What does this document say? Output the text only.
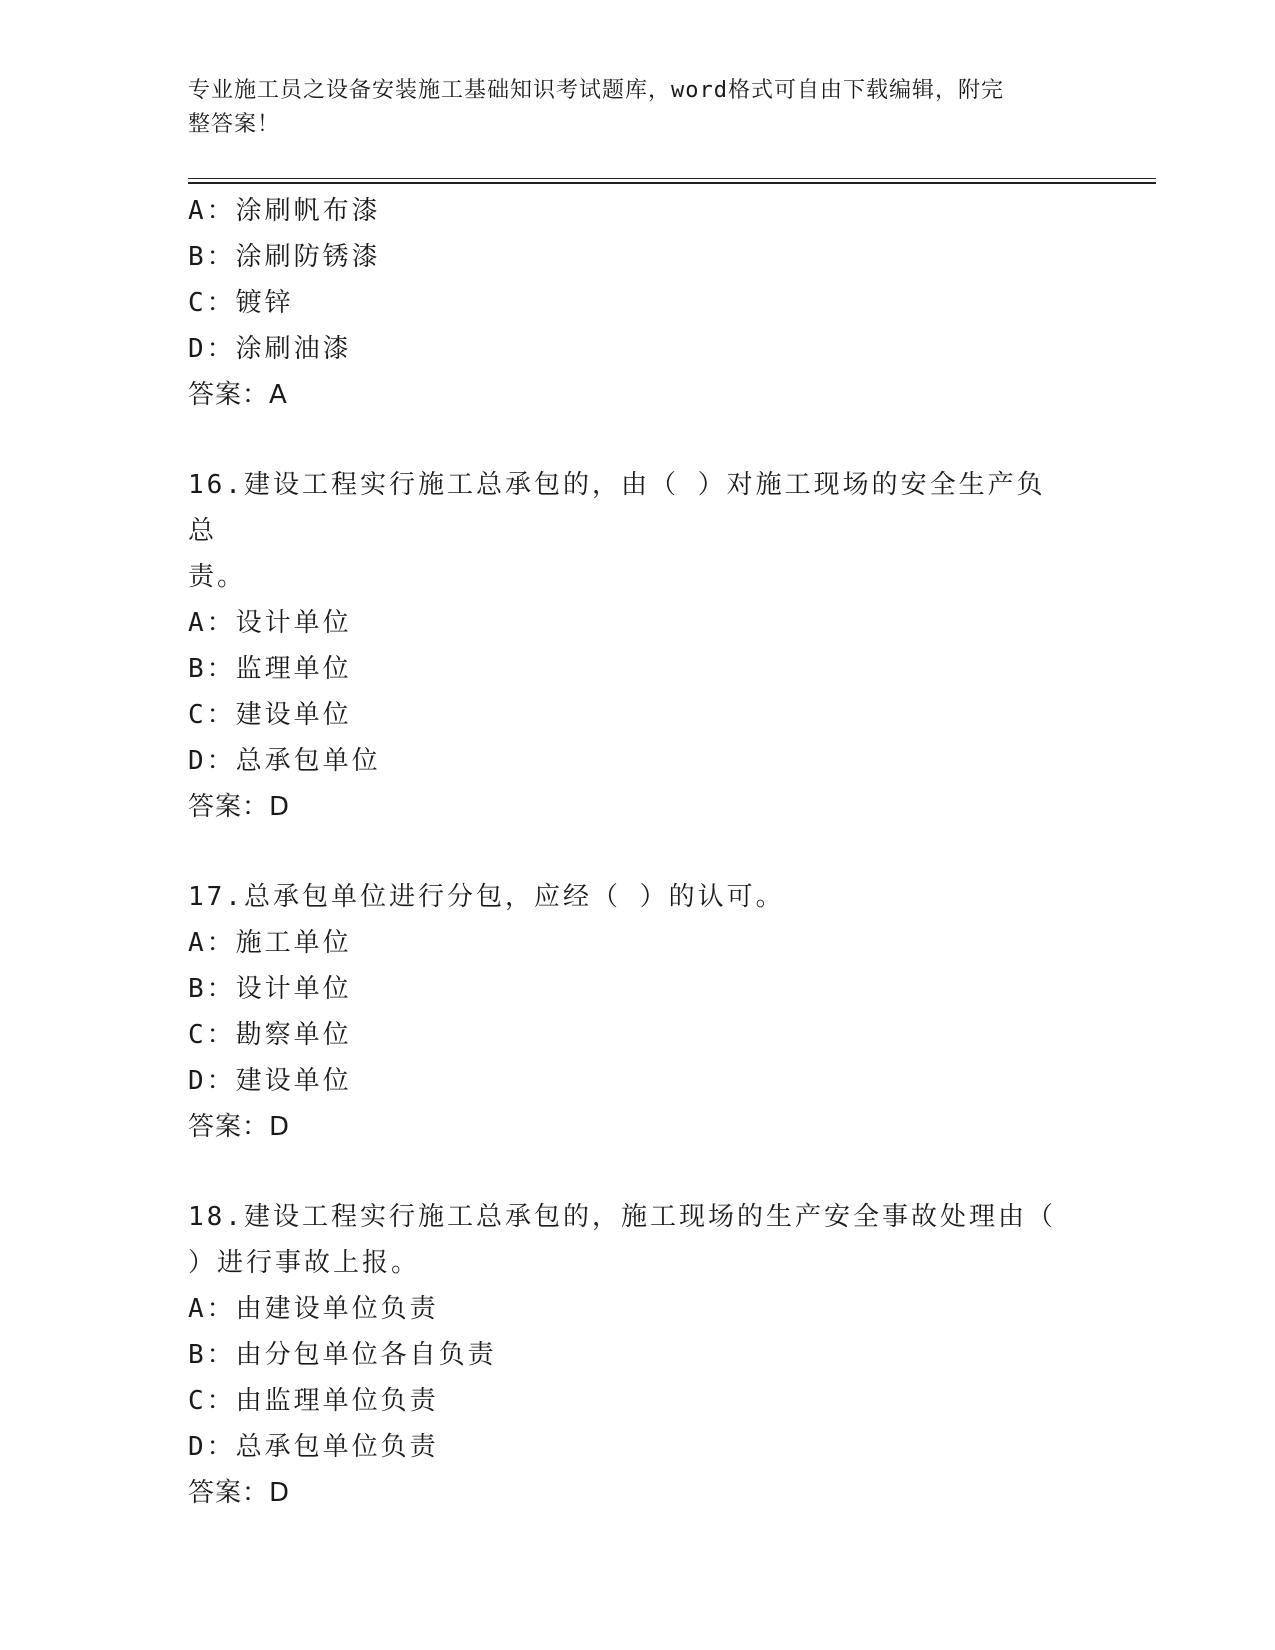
专业施工员之设备安装施工基础知识考试题库，word格式可自由下载编辑，附完
整答案！
A：涂刷帆布漆
B：涂刷防锈漆
C：镀锌
D：涂刷油漆
答案：A
16.建设工程实行施工总承包的，由（ ）对施工现场的安全生产负总
责。
A：设计单位
B：监理单位
C：建设单位
D：总承包单位
答案：D
17.总承包单位进行分包，应经（ ）的认可。
A：施工单位
B：设计单位
C：勘察单位
D：建设单位
答案：D
18.建设工程实行施工总承包的，施工现场的生产安全事故处理由（
）进行事故上报。
A：由建设单位负责
B：由分包单位各自负责
C：由监理单位负责
D：总承包单位负责
答案：D
